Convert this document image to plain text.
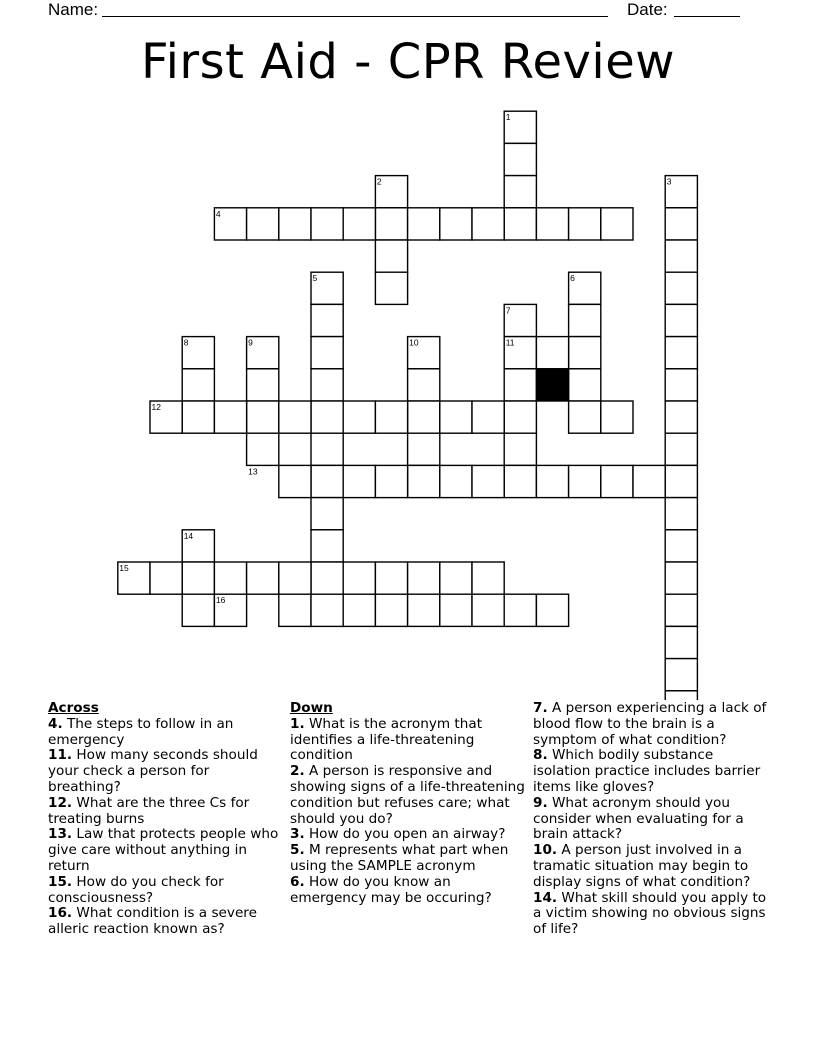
Name:	Date:
First Aid - CPR Review
1
2	3
4
5	6
7
8	9	10	11
12
13
14
15
16
Across
4. The steps to follow in an emergency
11. How many seconds should your check a person for breathing?
12. What are the three Cs for treating burns
13. Law that protects people who give care without anything in return
15. How do you check for consciousness?
16. What condition is a severe alleric reaction known as?
Down
1. What is the acronym that identifies a life-threatening condition
2. A person is responsive and showing signs of a life-threatening condition but refuses care; what should you do?
3. How do you open an airway?
5. M represents what part when using the SAMPLE acronym
6. How do you know an emergency may be occuring?
7. A person experiencing a lack of blood flow to the brain is a symptom of what condition?
8. Which bodily substance isolation practice includes barrier items like gloves?
9. What acronym should you consider when evaluating for a brain attack?
10. A person just involved in a tramatic situation may begin to display signs of what condition?
14. What skill should you apply to a victim showing no obvious signs of life?
